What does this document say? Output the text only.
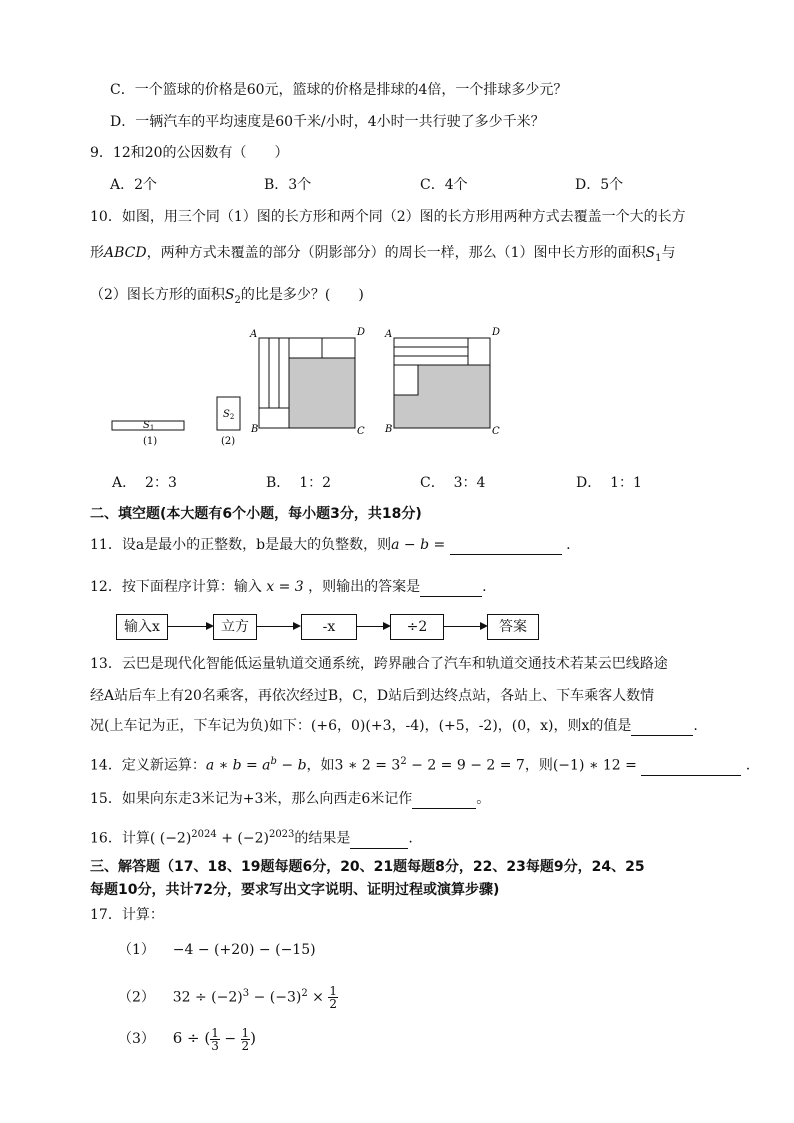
C．一个篮球的价格是60元，篮球的价格是排球的4倍，一个排球多少元？
D．一辆汽车的平均速度是60千米/小时，4小时一共行驶了多少千米？
9．12和20的公因数有（　　）
A．2个	B．3个	C．4个	D．5个
10．如图，用三个同（1）图的长方形和两个同（2）图的长方形用两种方式去覆盖一个大的长方
形ABCD，两种方式未覆盖的部分（阴影部分）的周长一样，那么（1）图中长方形的面积$S_1$与
（2）图长方形的面积$S_2$的比是多少？(　　)
$S_1$
(1)
$S_2$
(2)
A	D
B	C
A	D
B	C
A． 2：3	B． 1：2	C． 3：4	D． 1：1
二、填空题(本大题有6个小题，每小题3分，共18分)
11．设a是最小的正整数，b是最大的负整数，则a − b =	.
12．按下面程序计算：输入 x = 3 ，则输出的答案是	.
输入x	立方	-x	÷2	答案
13．云巴是现代化智能低运量轨道交通系统，跨界融合了汽车和轨道交通技术若某云巴线路途
经A站后车上有20名乘客，再依次经过B，C，D站后到达终点站，各站上、下车乘客人数情
况(上车记为正，下车记为负)如下：(+6，0)(+3，-4)，(+5，-2)，(0，x)，则x的值是	.
14．定义新运算：a ∗ $b = a^b - b$，如3 ∗ $2 = 3^2 - 2 = 9 - 2 = 7$，则(−1) ∗ 12 =	.
15．如果向东走3米记为+3米，那么向西走6米记作	。
16．计算( $(-2)^{2024} + (-2)^{2023}$的结果是	.
三、解答题（17、18、19题每题6分，20、21题每题8分，22、23每题9分，24、25
每题10分，共计72分，要求写出文字说明、证明过程或演算步骤)
17．计算：
（1） −4 − (+20) − (−15)
（2） $32 \div (-2)^3 - (-3)^2 \times \frac{1}{2}$
（3） 6 ÷ ( $\frac{1}{3} - \frac{1}{2}$ )
